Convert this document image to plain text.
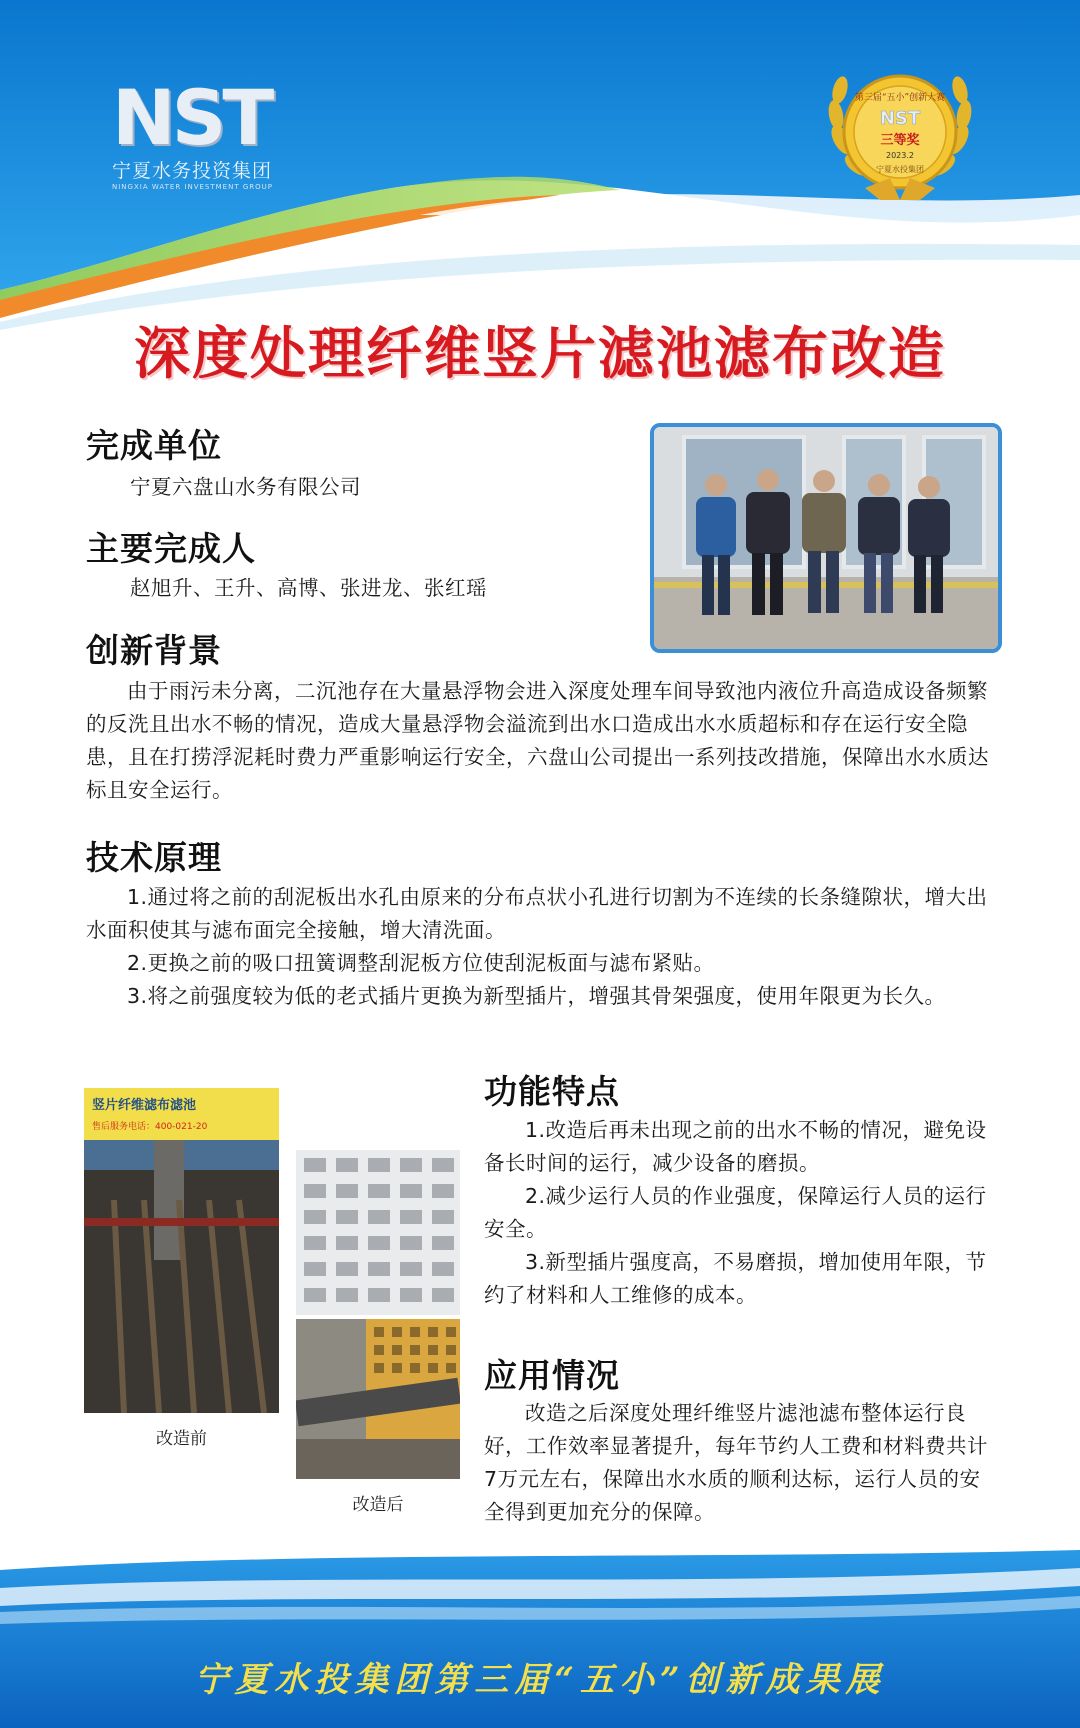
NST
宁夏水务投资集团
NINGXIA WATER INVESTMENT GROUP
第三届“五小”创新大赛
NST
三等奖
2023.2
宁夏水投集团
深度处理纤维竖片滤池滤布改造
完成单位
宁夏六盘山水务有限公司
主要完成人
赵旭升、王升、高博、张进龙、张红瑶
创新背景
由于雨污未分离，二沉池存在大量悬浮物会进入深度处理车间导致池内液位升高造成设备频繁的反洗且出水不畅的情况，造成大量悬浮物会溢流到出水口造成出水水质超标和存在运行安全隐患，且在打捞浮泥耗时费力严重影响运行安全，六盘山公司提出一系列技改措施，保障出水水质达标且安全运行。
技术原理
1.通过将之前的刮泥板出水孔由原来的分布点状小孔进行切割为不连续的长条缝隙状，增大出水面积使其与滤布面完全接触，增大清洗面。
2.更换之前的吸口扭簧调整刮泥板方位使刮泥板面与滤布紧贴。
3.将之前强度较为低的老式插片更换为新型插片，增强其骨架强度，使用年限更为长久。
竖片纤维滤布滤池
售后服务电话：400-021-20
改造前
改造后
功能特点
1.改造后再未出现之前的出水不畅的情况，避免设备长时间的运行，减少设备的磨损。
2.减少运行人员的作业强度，保障运行人员的运行安全。
3.新型插片强度高，不易磨损，增加使用年限，节约了材料和人工维修的成本。
应用情况
改造之后深度处理纤维竖片滤池滤布整体运行良好，工作效率显著提升，每年节约人工费和材料费共计7万元左右，保障出水水质的顺利达标，运行人员的安全得到更加充分的保障。
宁夏水投集团第三届“五小”创新成果展
